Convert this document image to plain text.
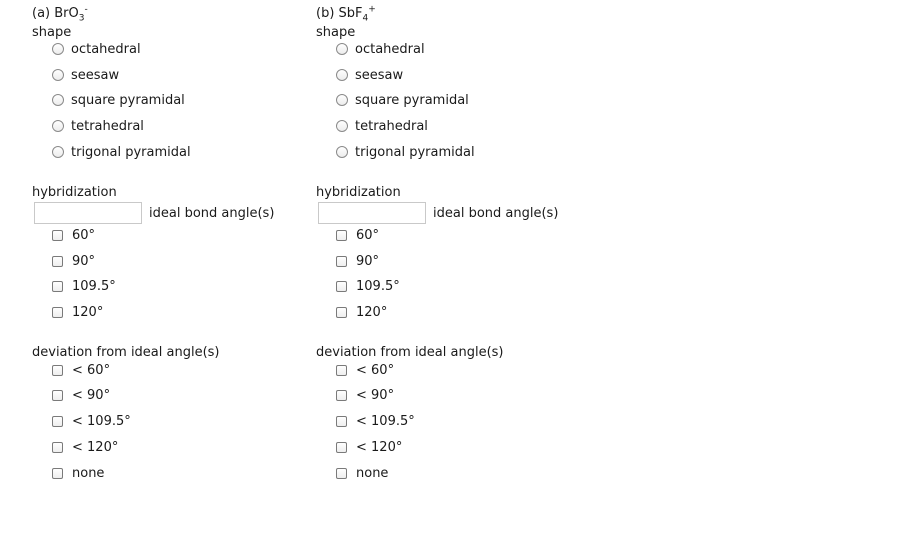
(a) BrO$_3$-
shape
octahedral
seesaw
square pyramidal
tetrahedral
trigonal pyramidal
hybridization
ideal bond angle(s)
60°
90°
109.5°
120°
deviation from ideal angle(s)
< 60°
< 90°
< 109.5°
< 120°
none
(b) SbF$_4$+
shape
octahedral
seesaw
square pyramidal
tetrahedral
trigonal pyramidal
hybridization
ideal bond angle(s)
60°
90°
109.5°
120°
deviation from ideal angle(s)
< 60°
< 90°
< 109.5°
< 120°
none
